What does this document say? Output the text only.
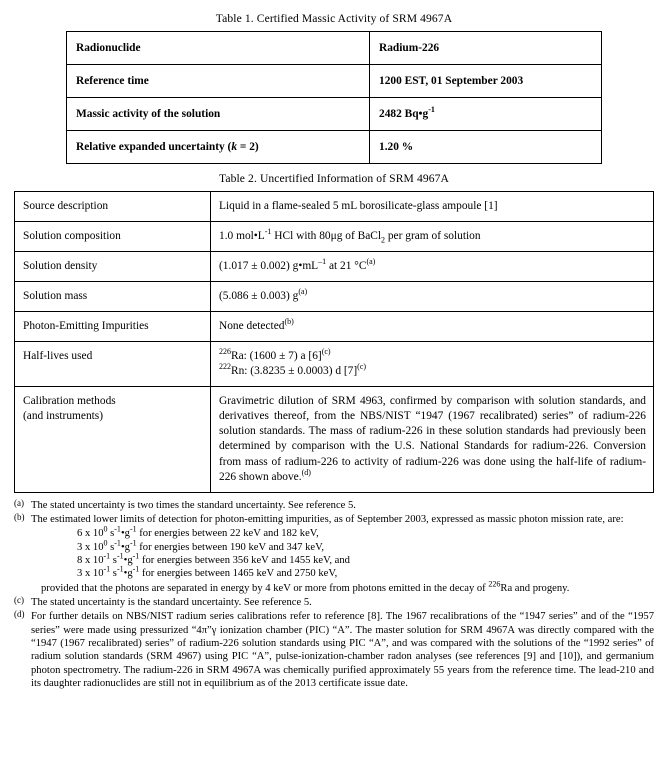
Table 1. Certified Massic Activity of SRM 4967A
Radionuclide	Radium-226
Reference time	1200 EST, 01 September 2003
Massic activity of the solution	2482 $Bq•g^{-1}$
Relative expanded uncertainty (k = 2)	1.20 %
Table 2. Uncertified Information of SRM 4967A
Source description	Liquid in a flame-sealed 5 mL borosilicate-glass ampoule [1]
Solution composition	1.0 $mol•L^{-1}$ HCl with 80μg of BaCl$_2$ per gram of solution
Solution density	(1.017 ± 0.002) $g•mL^{-1}$ at 21 $^\circ C^{(a)}$
Solution mass	(5.086 ± 0.003) $g^{(a)}$
Photon-Emitting Impurities	None detected$^{(b)}$
Half-lives used	$^{226}$Ra: (1600 ± 7) a $[6]^{(c)}$
$^{222}$Rn: (3.8235 ± 0.0003) d $[7]^{(c)}$

Calibration methods
(and instruments)	Gravimetric dilution of SRM 4963, confirmed by comparison with solution standards, and derivatives thereof, from the NBS/NIST “1947 (1967 recalibrated) series” of radium-226 solution standards. The mass of radium-226 in these solution standards had previously been determined by comparison with the U.S. National Standards for radium-226. Conversion from mass of radium-226 to activity of radium-226 was done using the half-life of radium-226 shown above.$^{(d)}$
(a) The stated uncertainty is two times the standard uncertainty. See reference 5.
(b) The estimated lower limits of detection for photon-emitting impurities, as of September 2003, expressed as massic photon mission rate, are:
6 x $10^0$ $s^{-1}•g^{-1}$ for energies between 22 keV and 182 keV,
3 x $10^0$ $s^{-1}•g^{-1}$ for energies between 190 keV and 347 keV,
8 x $10^{-1}$ $s^{-1}•g^{-1}$ for energies between 356 keV and 1455 keV, and
3 x $10^{-1}$ $s^{-1}•g^{-1}$ for energies between 1465 keV and 2750 keV,
provided that the photons are separated in energy by 4 keV or more from photons emitted in the decay of $^{226}$Ra and progeny.
(c) The stated uncertainty is the standard uncertainty. See reference 5.
(d) For further details on NBS/NIST radium series calibrations refer to reference [8]. The 1967 recalibrations of the “1947 series” and of the “1957 series” were made using pressurized “4π”γ ionization chamber (PIC) “A”. The master solution for SRM 4967A was directly compared with the “1947 (1967 recalibrated) series” of radium-226 solution standards using PIC “A”, and was compared with the solutions of the “1992 series” of radium solution standards (SRM 4967) using PIC “A”, pulse-ionization-chamber radon analyses (see references [9] and [10]), and germanium photon spectrometry. The radium-226 in SRM 4967A was chemically purified approximately 55 years from the reference time. The lead-210 and its daughter radionuclides are still not in equilibrium as of the 2013 certificate issue date.
